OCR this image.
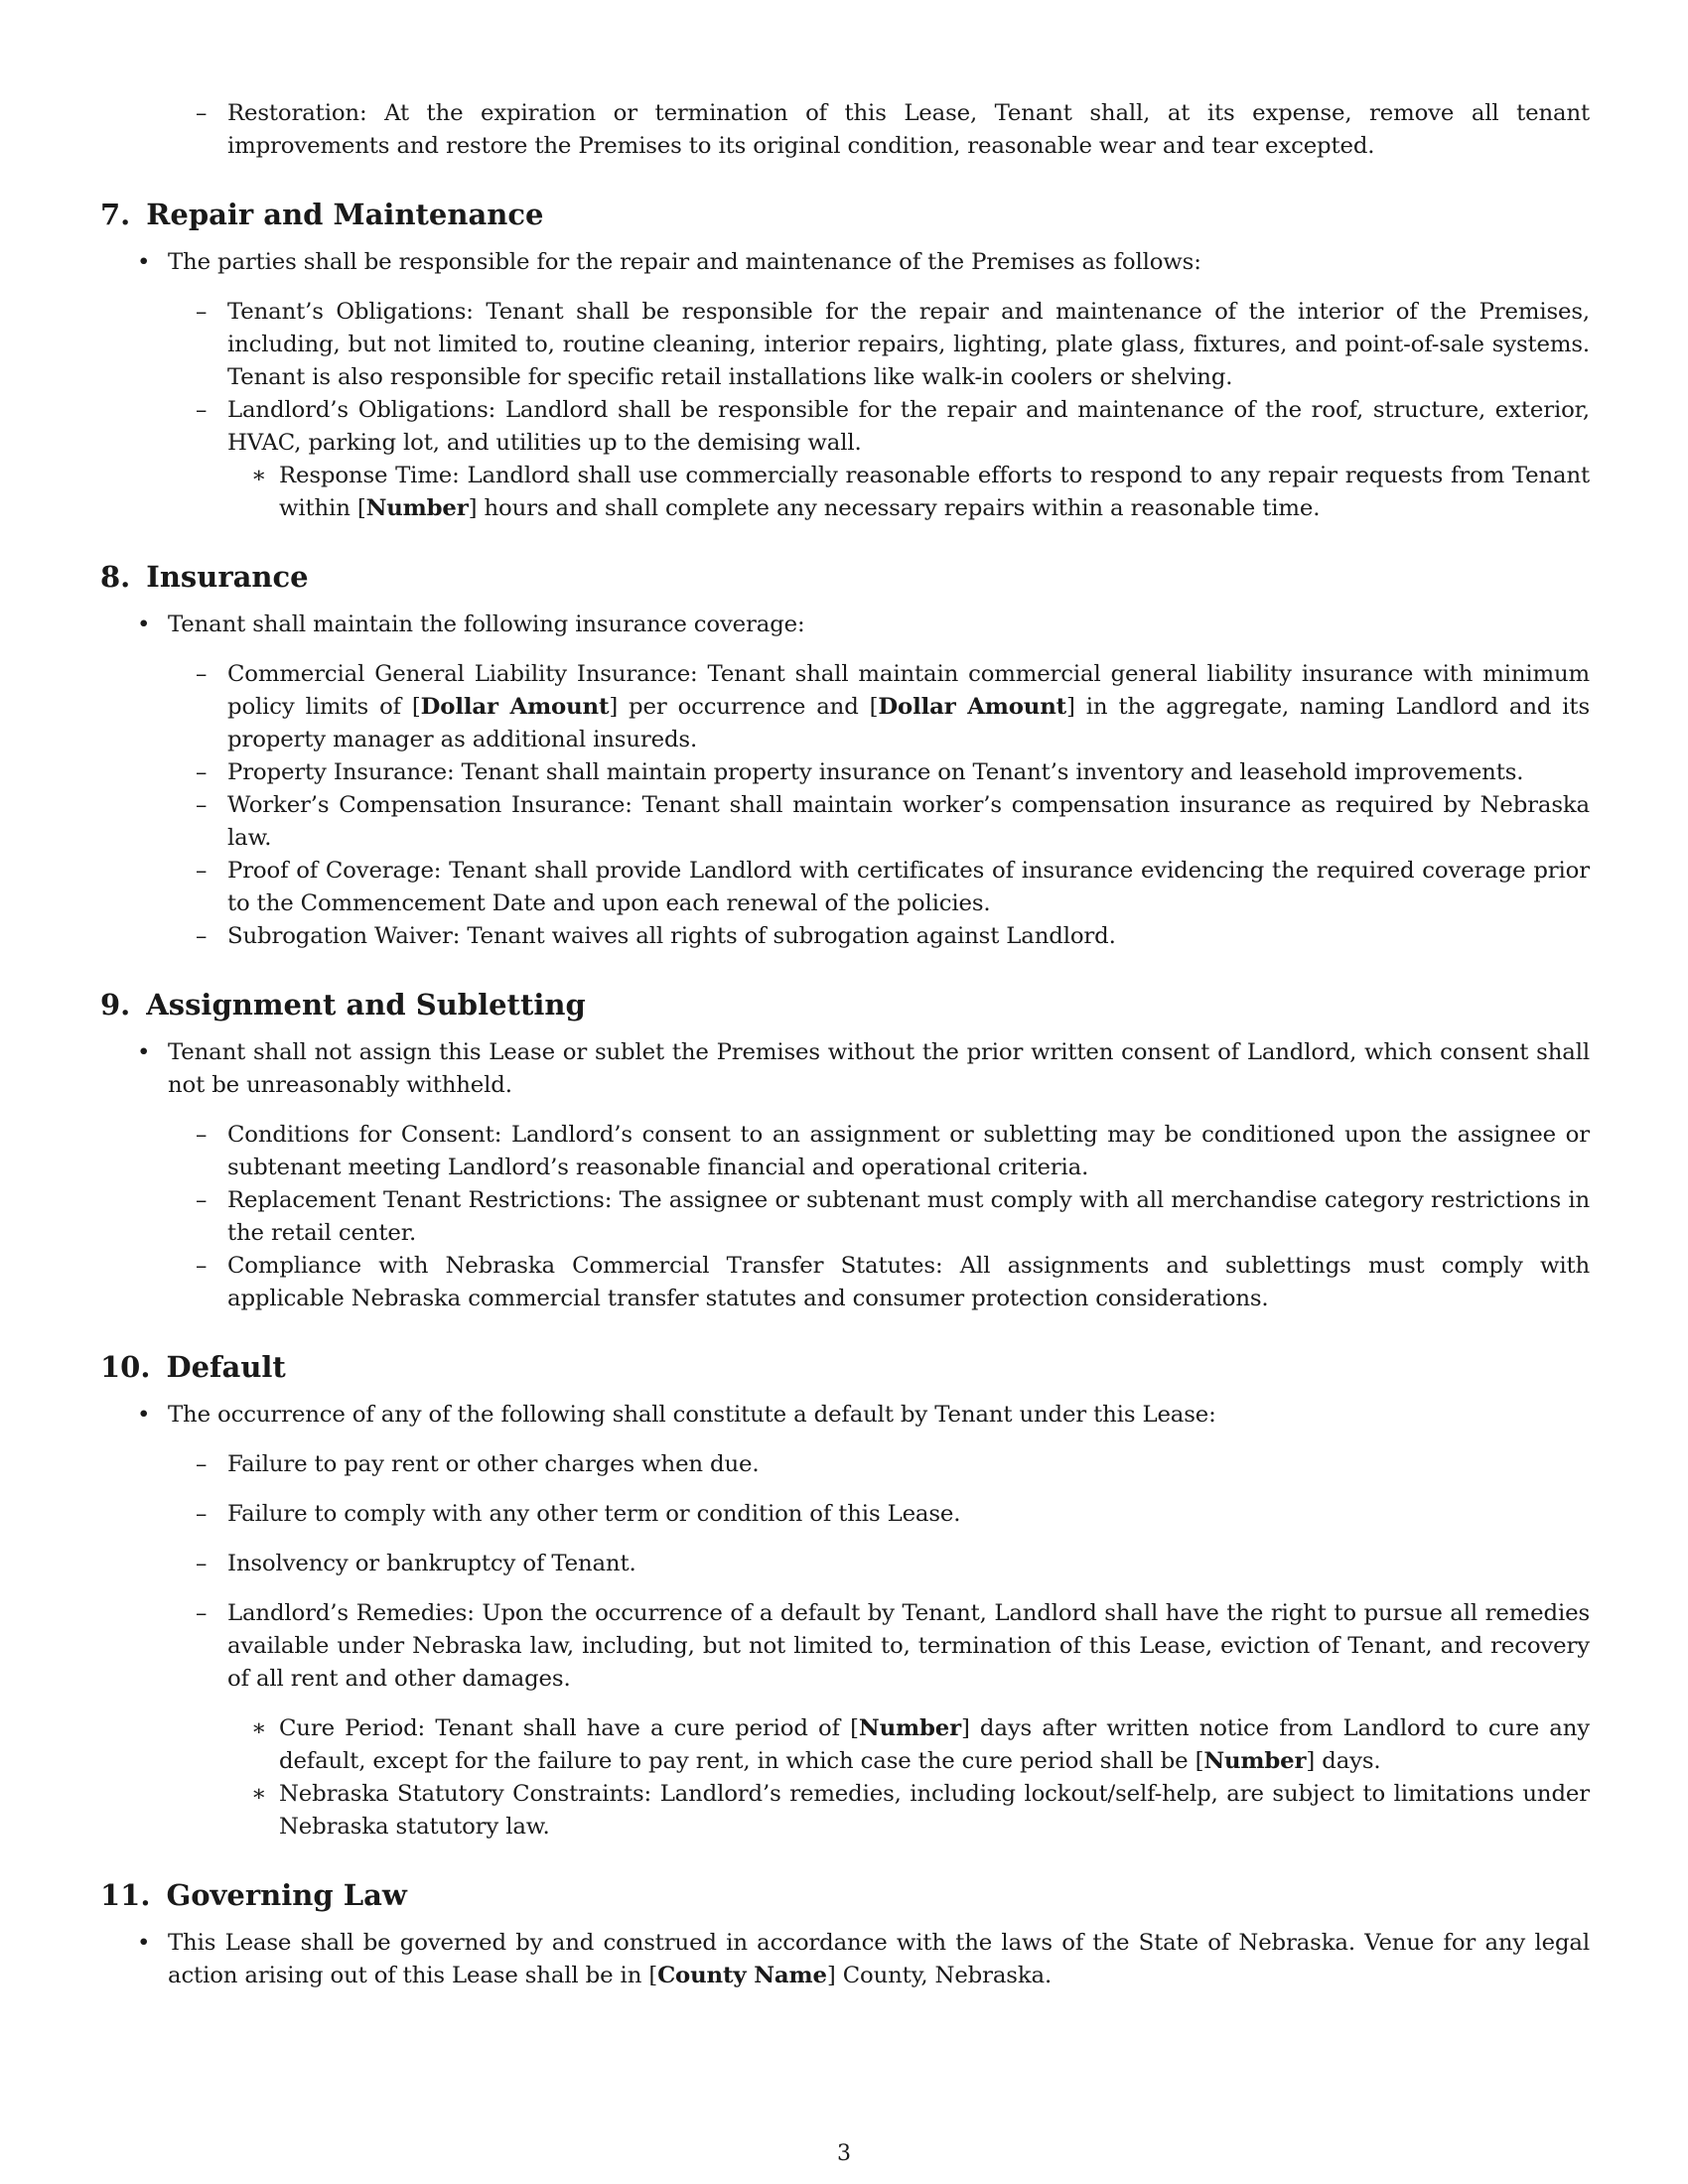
– Restoration: At the expiration or termination of this Lease, Tenant shall, at its expense, remove all tenant improvements and restore the Premises to its original condition, reasonable wear and tear excepted.
7. Repair and Maintenance
• The parties shall be responsible for the repair and maintenance of the Premises as follows:
– Tenant’s Obligations: Tenant shall be responsible for the repair and maintenance of the interior of the Premises, including, but not limited to, routine cleaning, interior repairs, lighting, plate glass, fixtures, and point-of-sale systems. Tenant is also responsible for specific retail installations like walk-in coolers or shelving.
– Landlord’s Obligations: Landlord shall be responsible for the repair and maintenance of the roof, structure, exterior, HVAC, parking lot, and utilities up to the demising wall.
∗ Response Time: Landlord shall use commercially reasonable efforts to respond to any repair requests from Tenant within [Number] hours and shall complete any necessary repairs within a reasonable time.
8. Insurance
• Tenant shall maintain the following insurance coverage:
– Commercial General Liability Insurance: Tenant shall maintain commercial general liability insurance with minimum policy limits of [Dollar Amount] per occurrence and [Dollar Amount] in the aggregate, naming Landlord and its property manager as additional insureds.
– Property Insurance: Tenant shall maintain property insurance on Tenant’s inventory and leasehold improvements.
– Worker’s Compensation Insurance: Tenant shall maintain worker’s compensation insurance as required by Nebraska law.
– Proof of Coverage: Tenant shall provide Landlord with certificates of insurance evidencing the required coverage prior to the Commencement Date and upon each renewal of the policies.
– Subrogation Waiver: Tenant waives all rights of subrogation against Landlord.
9. Assignment and Subletting
• Tenant shall not assign this Lease or sublet the Premises without the prior written consent of Landlord, which consent shall not be unreasonably withheld.
– Conditions for Consent: Landlord’s consent to an assignment or subletting may be conditioned upon the assignee or subtenant meeting Landlord’s reasonable financial and operational criteria.
– Replacement Tenant Restrictions: The assignee or subtenant must comply with all merchandise category restrictions in the retail center.
– Compliance with Nebraska Commercial Transfer Statutes: All assignments and sublettings must comply with applicable Nebraska commercial transfer statutes and consumer protection considerations.
10. Default
• The occurrence of any of the following shall constitute a default by Tenant under this Lease:
– Failure to pay rent or other charges when due.
– Failure to comply with any other term or condition of this Lease.
– Insolvency or bankruptcy of Tenant.
– Landlord’s Remedies: Upon the occurrence of a default by Tenant, Landlord shall have the right to pursue all remedies available under Nebraska law, including, but not limited to, termination of this Lease, eviction of Tenant, and recovery of all rent and other damages.
∗ Cure Period: Tenant shall have a cure period of [Number] days after written notice from Landlord to cure any default, except for the failure to pay rent, in which case the cure period shall be [Number] days.
∗ Nebraska Statutory Constraints: Landlord’s remedies, including lockout/self-help, are subject to limitations under Nebraska statutory law.
11. Governing Law
• This Lease shall be governed by and construed in accordance with the laws of the State of Nebraska. Venue for any legal action arising out of this Lease shall be in [County Name] County, Nebraska.
3
